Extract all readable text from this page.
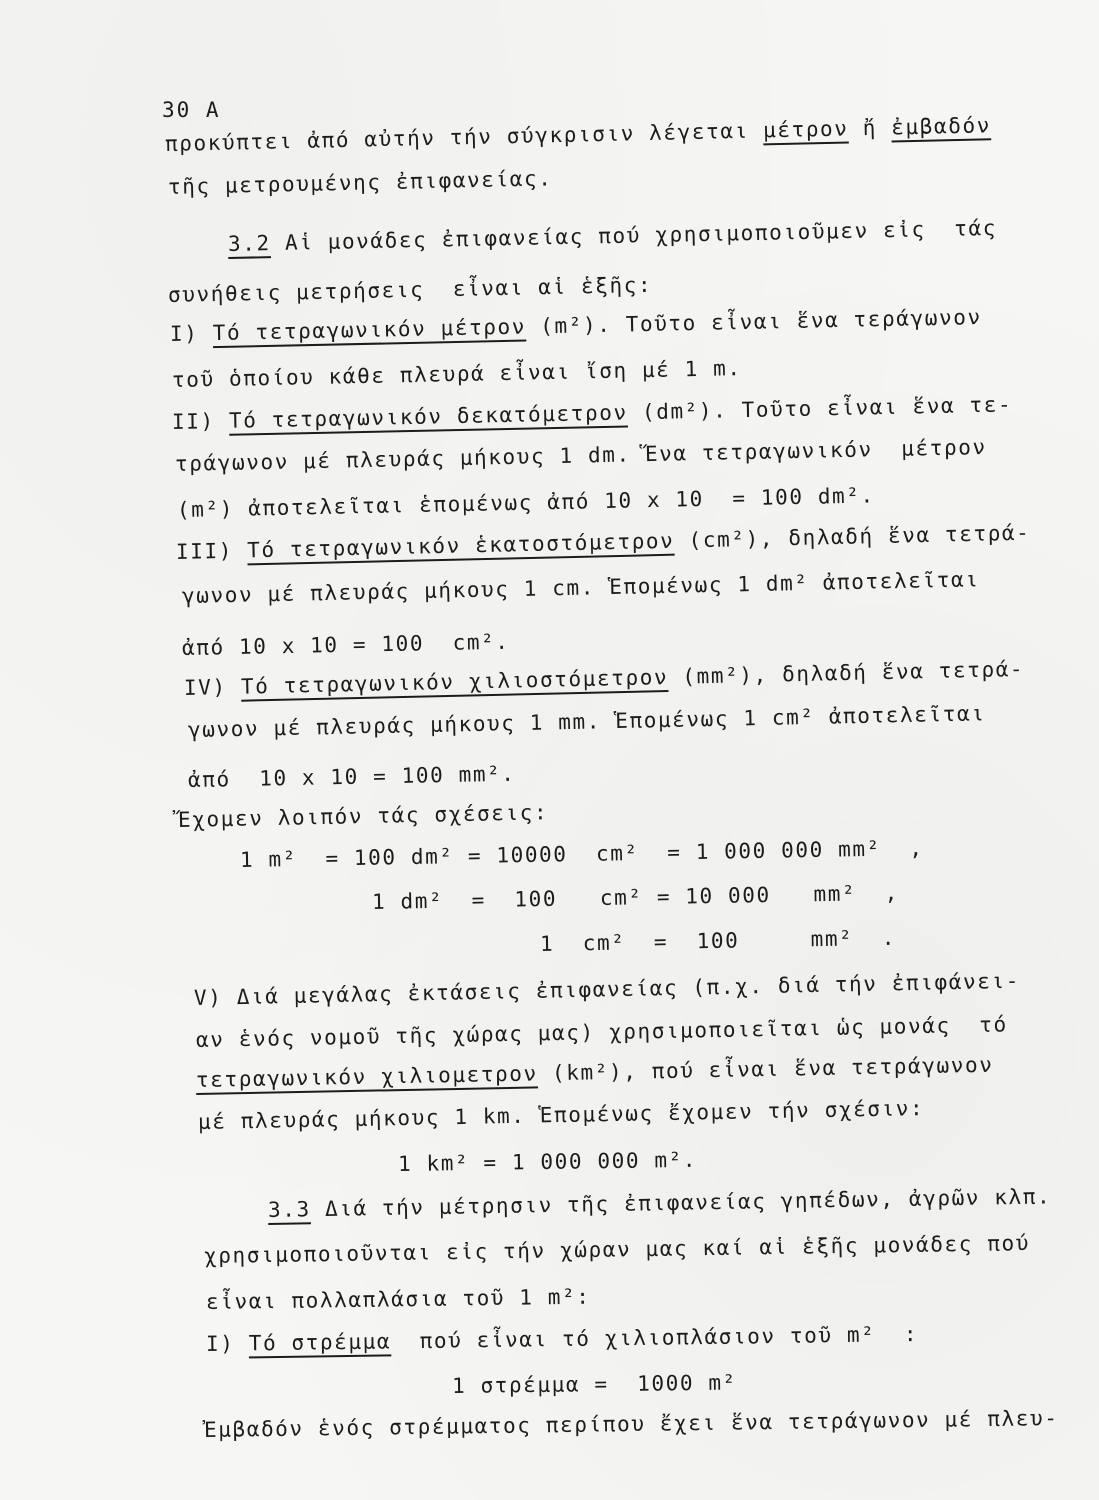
30 Α
προκύπτει ἀπό αὐτήν τήν σύγκρισιν λέγεται μέτρον ἤ ἐμβαδόν
τῆς μετρουμένης ἐπιφανείας.
3.2 Αἱ μονάδες ἐπιφανείας πού χρησιμοποιοῦμεν εἰς  τάς
συνήθεις μετρήσεις  εἶναι αἱ ἑξῆς:
Ι) Τό τετραγωνικόν μέτρον (m²). Τοῦτο εἶναι ἕνα τεράγωνον
τοῦ ὁποίου κάθε πλευρά εἶναι ἴση μέ 1 m.
ΙΙ) Τό τετραγωνικόν δεκατόμετρον (dm²). Τοῦτο εἶναι ἕνα τε-
τράγωνον μέ πλευράς μήκους 1 dm. Ἕνα τετραγωνικόν  μέτρον
(m²) ἀποτελεῖται ἑπομένως ἀπό 10 x 10  = 100 dm².
ΙΙΙ) Τό τετραγωνικόν ἑκατοστόμετρον (cm²), δηλαδή ἕνα τετρά-
γωνον μέ πλευράς μήκους 1 cm. Ἑπομένως 1 dm² ἀποτελεῖται
ἀπό 10 x 10 = 100  cm².
ΙV) Τό τετραγωνικόν χιλιοστόμετρον (mm²), δηλαδή ἕνα τετρά-
γωνον μέ πλευράς μήκους 1 mm. Ἑπομένως 1 cm² ἀποτελεῖται
ἀπό  10 x 10 = 100 mm².
Ἔχομεν λοιπόν τάς σχέσεις:
1 m²  = 100 dm² = 10000  cm²  = 1 000 000 mm²  ,
1 dm²  =  100   cm² = 10 000   mm²  ,
1  cm²  =  100     mm²  .
V) Διά μεγάλας ἐκτάσεις ἐπιφανείας (π.χ. διά τήν ἐπιφάνει-
αν ἑνός νομοῦ τῆς χώρας μας) χρησιμοποιεῖται ὡς μονάς  τό
τετραγωνικόν χιλιομετρον (km²), πού εἶναι ἕνα τετράγωνον
μέ πλευράς μήκους 1 km. Ἑπομένως ἔχομεν τήν σχέσιν:
1 km² = 1 000 000 m².
3.3 Διά τήν μέτρησιν τῆς ἐπιφανείας γηπέδων, ἀγρῶν κλπ.
χρησιμοποιοῦνται εἰς τήν χώραν μας καί αἱ ἑξῆς μονάδες πού
εἶναι πολλαπλάσια τοῦ 1 m²:
Ι) Τό στρέμμα  πού εἶναι τό χιλιοπλάσιον τοῦ m²  :
1 στρέμμα =  1000 m²
Ἐμβαδόν ἑνός στρέμματος περίπου ἔχει ἕνα τετράγωνον μέ πλευ-
